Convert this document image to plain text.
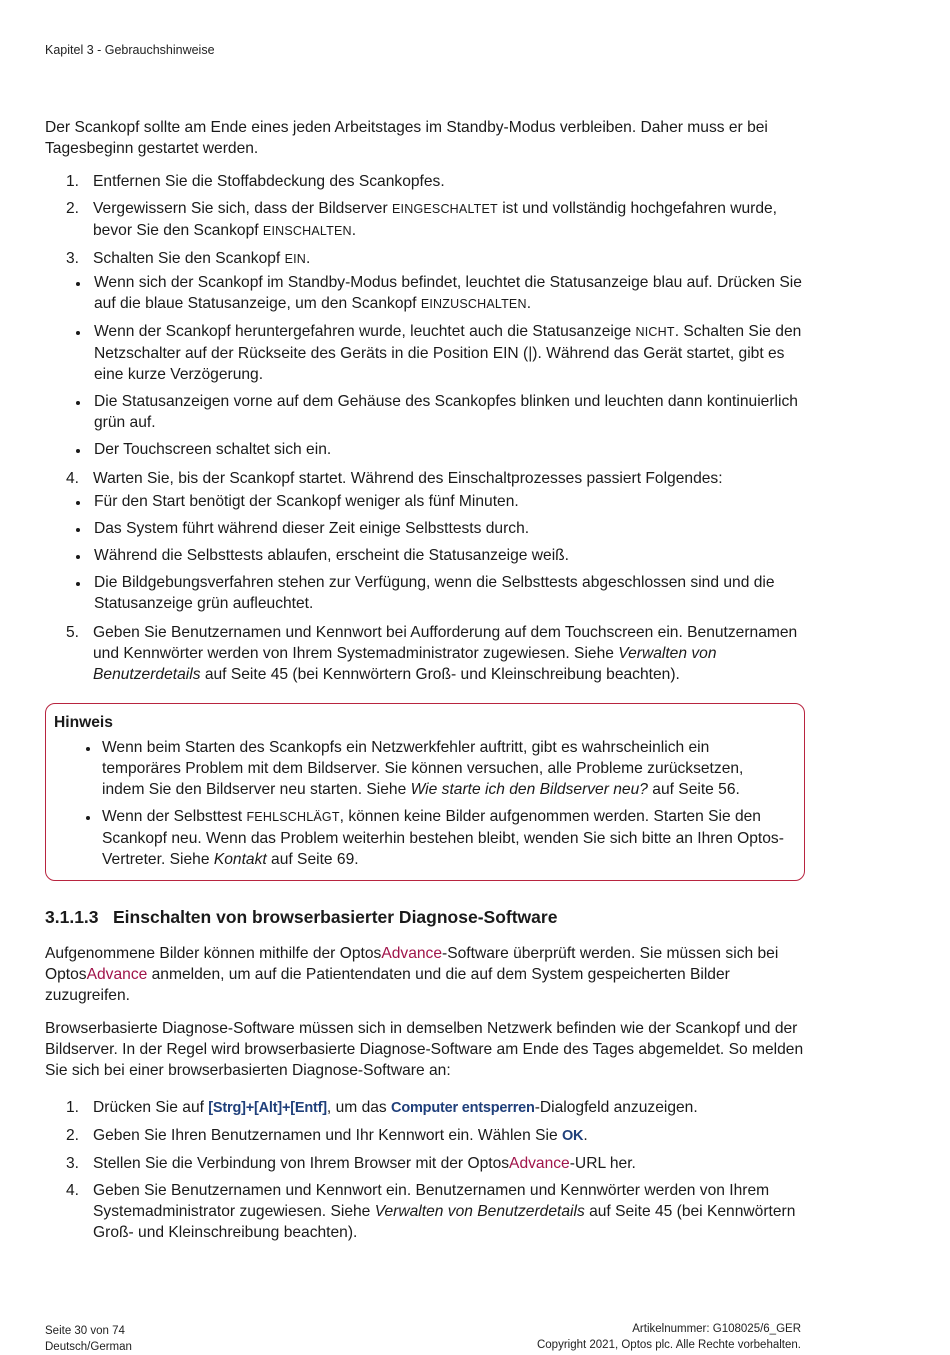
Kapitel 3 - Gebrauchshinweise

Der Scankopf sollte am Ende eines jeden Arbeitstages im Standby-Modus verbleiben. Daher muss er bei Tagesbeginn gestartet werden.

1. Entfernen Sie die Stoffabdeckung des Scankopfes.
2. Vergewissern Sie sich, dass der Bildserver EINGESCHALTET ist und vollständig hochgefahren wurde, bevor Sie den Scankopf EINSCHALTEN.
3. Schalten Sie den Scankopf EIN.
Wenn sich der Scankopf im Standby-Modus befindet, leuchtet die Statusanzeige blau auf. Drücken Sie auf die blaue Statusanzeige, um den Scankopf EINZUSCHALTEN.
Wenn der Scankopf heruntergefahren wurde, leuchtet auch die Statusanzeige NICHT. Schalten Sie den Netzschalter auf der Rückseite des Geräts in die Position EIN (|). Während das Gerät startet, gibt es eine kurze Verzögerung.
Die Statusanzeigen vorne auf dem Gehäuse des Scankopfes blinken und leuchten dann kontinuierlich grün auf.
Der Touchscreen schaltet sich ein.
4. Warten Sie, bis der Scankopf startet. Während des Einschaltprozesses passiert Folgendes:
Für den Start benötigt der Scankopf weniger als fünf Minuten.
Das System führt während dieser Zeit einige Selbsttests durch.
Während die Selbsttests ablaufen, erscheint die Statusanzeige weiß.
Die Bildgebungsverfahren stehen zur Verfügung, wenn die Selbsttests abgeschlossen sind und die Statusanzeige grün aufleuchtet.
5. Geben Sie Benutzernamen und Kennwort bei Aufforderung auf dem Touchscreen ein. Benutzernamen und Kennwörter werden von Ihrem Systemadministrator zugewiesen. Siehe Verwalten von Benutzerdetails auf Seite 45 (bei Kennwörtern Groß- und Kleinschreibung beachten).
Hinweis
Wenn beim Starten des Scankopfs ein Netzwerkfehler auftritt, gibt es wahrscheinlich ein temporäres Problem mit dem Bildserver. Sie können versuchen, alle Probleme zurücksetzen, indem Sie den Bildserver neu starten. Siehe Wie starte ich den Bildserver neu? auf Seite 56.
Wenn der Selbsttest FEHLSCHLÄGT, können keine Bilder aufgenommen werden. Starten Sie den Scankopf neu. Wenn das Problem weiterhin bestehen bleibt, wenden Sie sich bitte an Ihren Optos-Vertreter. Siehe Kontakt auf Seite 69.
3.1.1.3 Einschalten von browserbasierter Diagnose-Software

Aufgenommene Bilder können mithilfe der OptosAdvance-Software überprüft werden. Sie müssen sich bei OptosAdvance anmelden, um auf die Patientendaten und die auf dem System gespeicherten Bilder zuzugreifen.

Browserbasierte Diagnose-Software müssen sich in demselben Netzwerk befinden wie der Scankopf und der Bildserver. In der Regel wird browserbasierte Diagnose-Software am Ende des Tages abgemeldet. So melden Sie sich bei einer browserbasierten Diagnose-Software an:

1. Drücken Sie auf [Strg]+[Alt]+[Entf], um das Computer entsperren-Dialogfeld anzuzeigen.
2. Geben Sie Ihren Benutzernamen und Ihr Kennwort ein. Wählen Sie OK.
3. Stellen Sie die Verbindung von Ihrem Browser mit der OptosAdvance-URL her.
4. Geben Sie Benutzernamen und Kennwort ein. Benutzernamen und Kennwörter werden von Ihrem Systemadministrator zugewiesen. Siehe Verwalten von Benutzerdetails auf Seite 45 (bei Kennwörtern Groß- und Kleinschreibung beachten).
Seite 30 von 74
Deutsch/German
Artikelnummer: G108025/6_GER
Copyright 2021, Optos plc. Alle Rechte vorbehalten.
